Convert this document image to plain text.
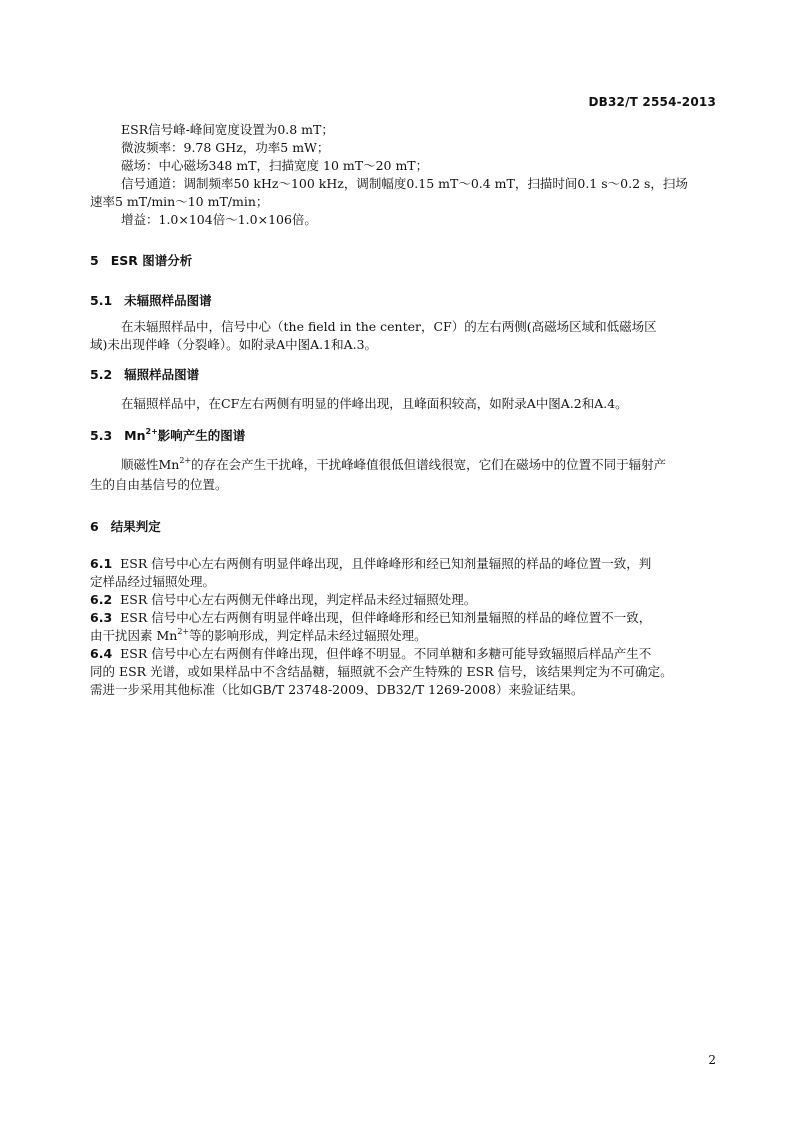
DB32/T 2554-2013
ESR信号峰-峰间宽度设置为0.8 mT；
微波频率：9.78 GHz，功率5 mW；
磁场：中心磁场348 mT，扫描宽度 10 mT～20 mT；
信号通道：调制频率50 kHz～100 kHz，调制幅度0.15 mT～0.4 mT，扫描时间0.1 s～0.2 s，扫场
速率5 mT/min～10 mT/min；
增益：1.0×104倍～1.0×106倍。
5 ESR 图谱分析
5.1 未辐照样品图谱
在未辐照样品中，信号中心（the field in the center，CF）的左右两侧(高磁场区域和低磁场区
域)未出现伴峰（分裂峰）。如附录A中图A.1和A.3。
5.2 辐照样品图谱
在辐照样品中，在CF左右两侧有明显的伴峰出现，且峰面积较高，如附录A中图A.2和A.4。
5.3 $Mn^{2+}$影响产生的图谱
顺磁性$Mn^{2+}$的存在会产生干扰峰，干扰峰峰值很低但谱线很宽，它们在磁场中的位置不同于辐射产
生的自由基信号的位置。
6 结果判定
6.1 ESR 信号中心左右两侧有明显伴峰出现，且伴峰峰形和经已知剂量辐照的样品的峰位置一致，判
定样品经过辐照处理。
6.2 ESR 信号中心左右两侧无伴峰出现，判定样品未经过辐照处理。
6.3 ESR 信号中心左右两侧有明显伴峰出现，但伴峰峰形和经已知剂量辐照的样品的峰位置不一致，
由干扰因素 $Mn^{2+}$等的影响形成，判定样品未经过辐照处理。
6.4 ESR 信号中心左右两侧有伴峰出现，但伴峰不明显。不同单糖和多糖可能导致辐照后样品产生不
同的 ESR 光谱，或如果样品中不含结晶糖，辐照就不会产生特殊的 ESR 信号，该结果判定为不可确定。
需进一步采用其他标准（比如GB/T 23748-2009、DB32/T 1269-2008）来验证结果。
2
